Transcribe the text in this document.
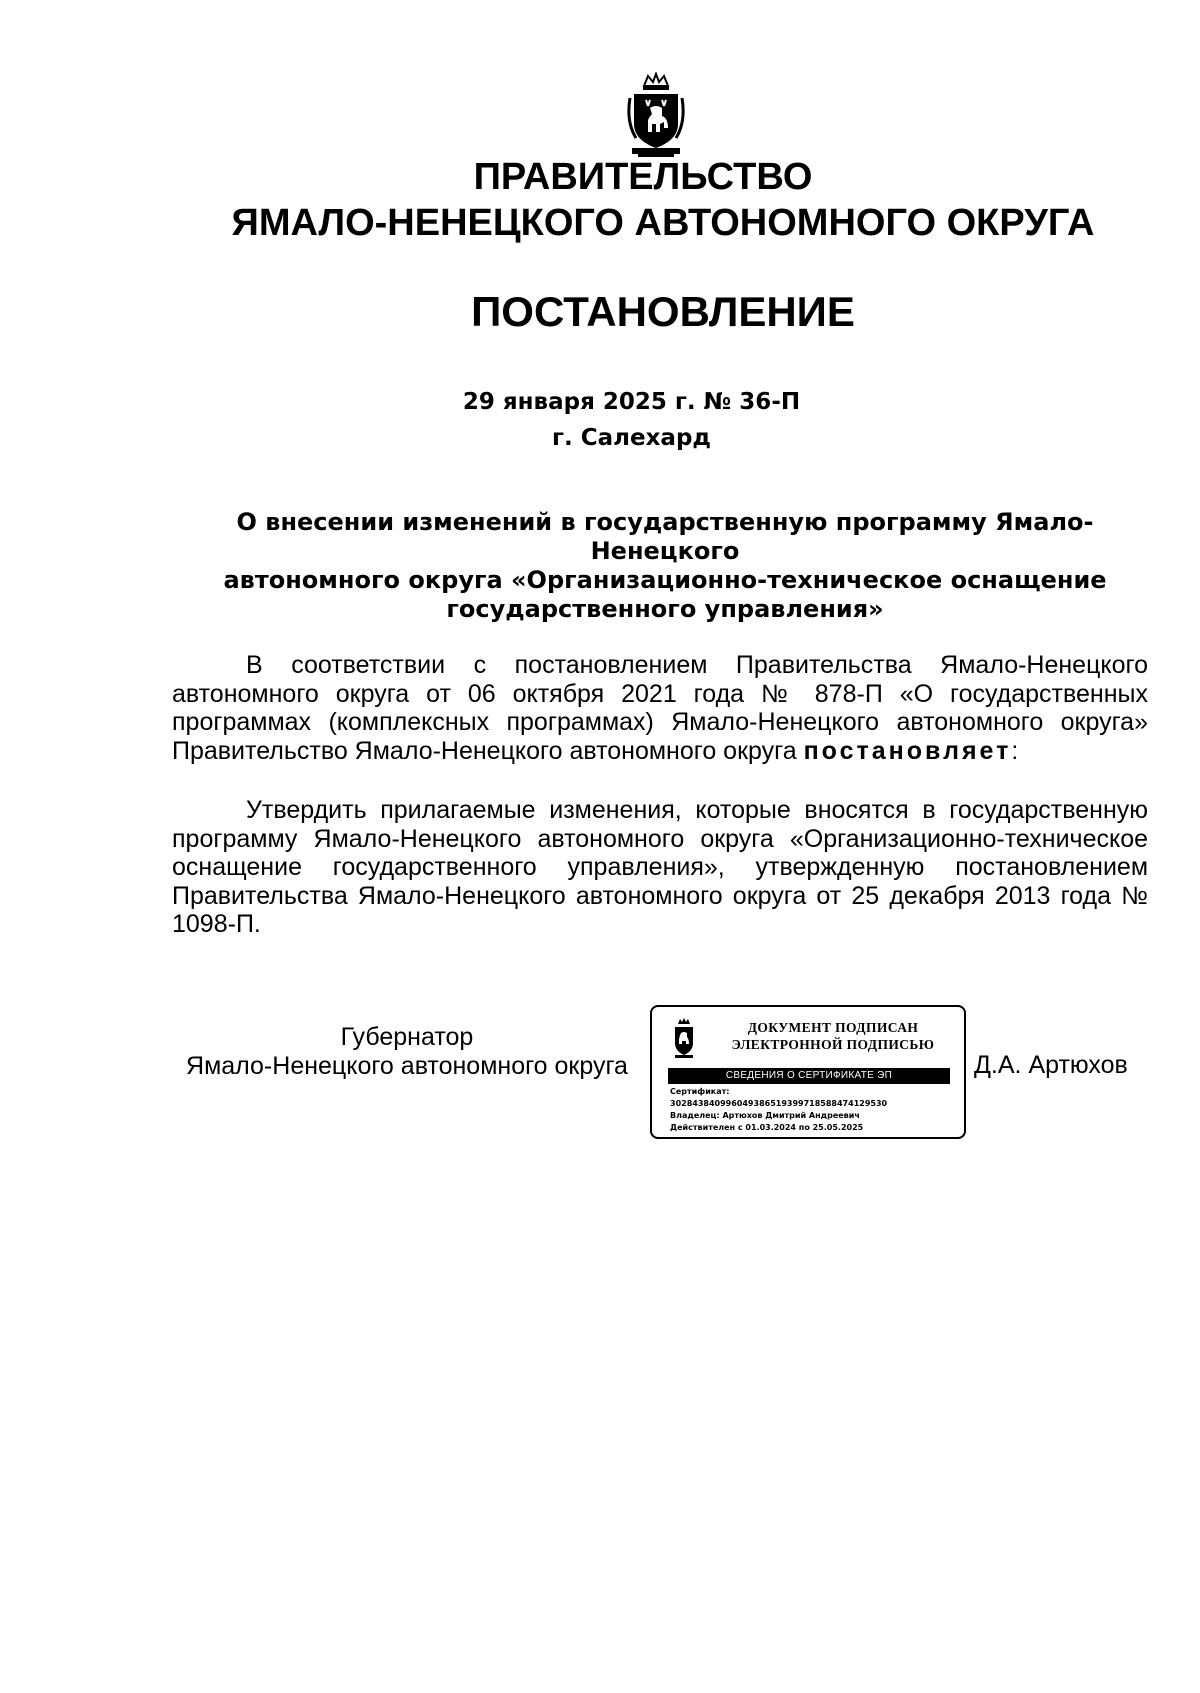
ПРАВИТЕЛЬСТВО
ЯМАЛО-НЕНЕЦКОГО АВТОНОМНОГО ОКРУГА
ПОСТАНОВЛЕНИЕ
29 января 2025 г. № 36-П
г. Салехард
О внесении изменений в государственную программу Ямало-Ненецкого
автономного округа «Организационно-техническое оснащение
государственного управления»
В соответствии с постановлением Правительства Ямало-Ненецкого автономного округа от 06 октября 2021 года № 878-П «О государственных программах (комплексных программах) Ямало-Ненецкого автономного округа» Правительство Ямало-Ненецкого автономного округа постановляет:
Утвердить прилагаемые изменения, которые вносятся в государственную программу Ямало-Ненецкого автономного округа «Организационно-техническое оснащение государственного управления», утвержденную постановлением Правительства Ямало-Ненецкого автономного округа от 25 декабря 2013 года № 1098-П.
Губернатор
Ямало-Ненецкого автономного округа
ДОКУМЕНТ ПОДПИСАН
ЭЛЕКТРОННОЙ ПОДПИСЬЮ
СВЕДЕНИЯ О СЕРТИФИКАТЕ ЭП
Сертификат:
302843840996049386519399718588474129530
Владелец: Артюхов Дмитрий Андреевич
Действителен с 01.03.2024 по 25.05.2025
Д.А. Артюхов
